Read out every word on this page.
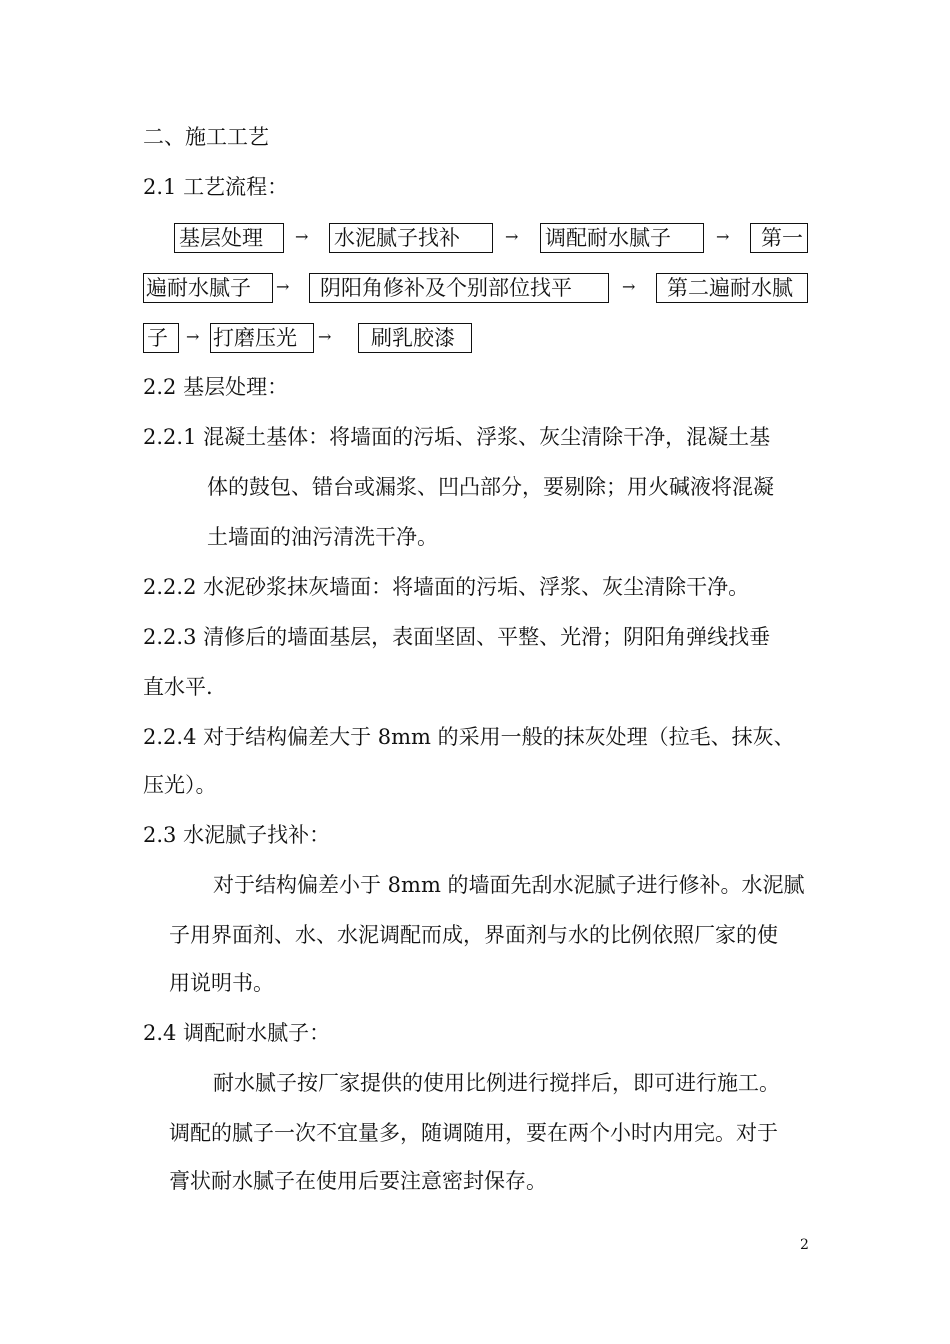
二、施工工艺
2.1 工艺流程：
基层处理	→ 水泥腻子找补	→ 调配耐水腻子	→	第一
遍耐水腻子	→	阴阳角修补及个别部位找平	→	第二遍耐水腻
子	→ 打磨压光	→	刷乳胶漆
2.2 基层处理：
2.2.1 混凝土基体：将墙面的污垢、浮浆、灰尘清除干净，混凝土基
体的鼓包、错台或漏浆、凹凸部分，要剔除；用火碱液将混凝
土墙面的油污清洗干净。
2.2.2 水泥砂浆抹灰墙面：将墙面的污垢、浮浆、灰尘清除干净。
2.2.3 清修后的墙面基层，表面坚固、平整、光滑；阴阳角弹线找垂
直水平.
2.2.4 对于结构偏差大于 8mm 的采用一般的抹灰处理（拉毛、抹灰、
压光）。
2.3 水泥腻子找补：
对于结构偏差小于 8mm 的墙面先刮水泥腻子进行修补。水泥腻
子用界面剂、水、水泥调配而成，界面剂与水的比例依照厂家的使
用说明书。
2.4 调配耐水腻子：
耐水腻子按厂家提供的使用比例进行搅拌后，即可进行施工。
调配的腻子一次不宜量多，随调随用，要在两个小时内用完。对于
膏状耐水腻子在使用后要注意密封保存。
2
